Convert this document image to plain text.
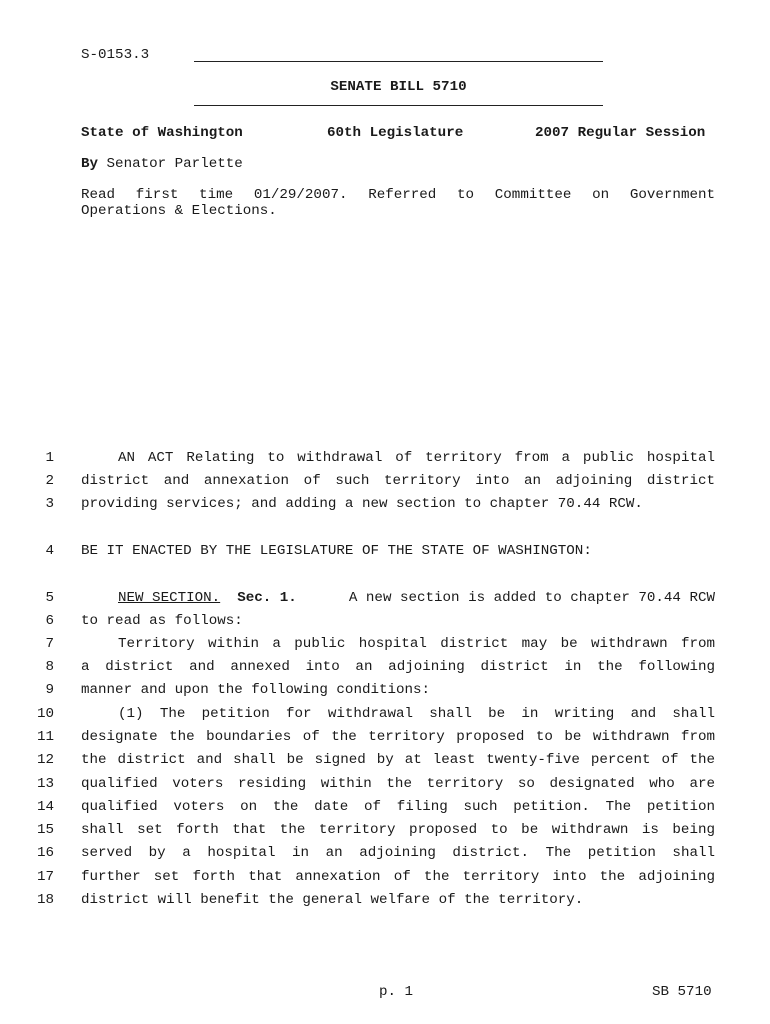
S-0153.3
SENATE BILL 5710
State of Washington	60th Legislature	2007 Regular Session
By Senator Parlette
Read first time 01/29/2007. Referred to Committee on Government
Operations & Elections.
1
2
3
4
5
6
7
8
9
10
11
12
13
14
15
16
17
18
AN ACT Relating to withdrawal of territory from a public hospital
district and annexation of such territory into an adjoining district
providing services; and adding a new section to chapter 70.44 RCW.
BE IT ENACTED BY THE LEGISLATURE OF THE STATE OF WASHINGTON:
NEW SECTION. Sec. 1.	A new section is added to chapter 70.44 RCW
to read as follows:
Territory within a public hospital district may be withdrawn from
a district and annexed into an adjoining district in the following
manner and upon the following conditions:
(1) The petition for withdrawal shall be in writing and shall
designate the boundaries of the territory proposed to be withdrawn from
the district and shall be signed by at least twenty-five percent of the
qualified voters residing within the territory so designated who are
qualified voters on the date of filing such petition. The petition
shall set forth that the territory proposed to be withdrawn is being
served by a hospital in an adjoining district. The petition shall
further set forth that annexation of the territory into the adjoining
district will benefit the general welfare of the territory.
p. 1	SB 5710
